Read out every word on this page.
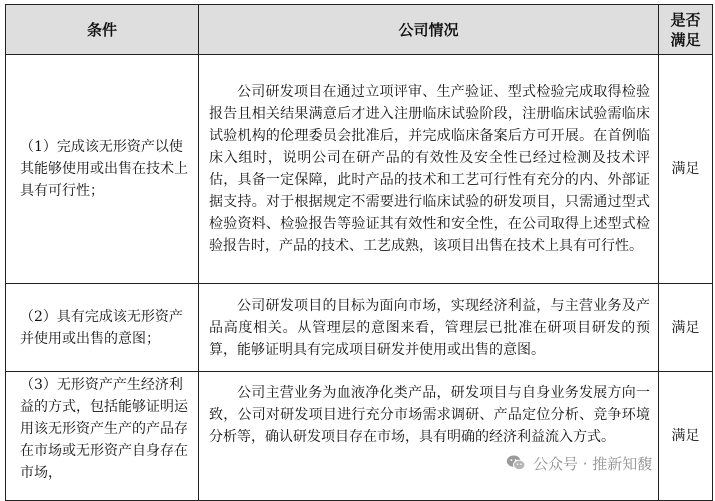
条件	公司情况	是否
满足
（1）完成该无形资产以使其能够使用或出售在技术上具有可行性；	公司研发项目在通过立项评审、生产验证、型式检验完成取得检验报告且相关结果满意后才进入注册临床试验阶段，注册临床试验需临床试验机构的伦理委员会批准后，并完成临床备案后方可开展。在首例临床入组时，说明公司在研产品的有效性及安全性已经过检测及技术评估，具备一定保障，此时产品的技术和工艺可行性有充分的内、外部证据支持。对于根据规定不需要进行临床试验的研发项目，只需通过型式检验资料、检验报告等验证其有效性和安全性，在公司取得上述型式检验报告时，产品的技术、工艺成熟，该项目出售在技术上具有可行性。	满足
（2）具有完成该无形资产并使用或出售的意图；	公司研发项目的目标为面向市场，实现经济利益，与主营业务及产品高度相关。从管理层的意图来看，管理层已批准在研项目研发的预算，能够证明具有完成项目研发并使用或出售的意图。	满足
（3）无形资产产生经济利益的方式，包括能够证明运用该无形资产生产的产品存在市场或无形资产自身存在市场，	公司主营业务为血液净化类产品，研发项目与自身业务发展方向一致，公司对研发项目进行充分市场需求调研、产品定位分析、竞争环境分析等，确认研发项目存在市场，具有明确的经济利益流入方式。	满足
公众号 · 推新知馥
